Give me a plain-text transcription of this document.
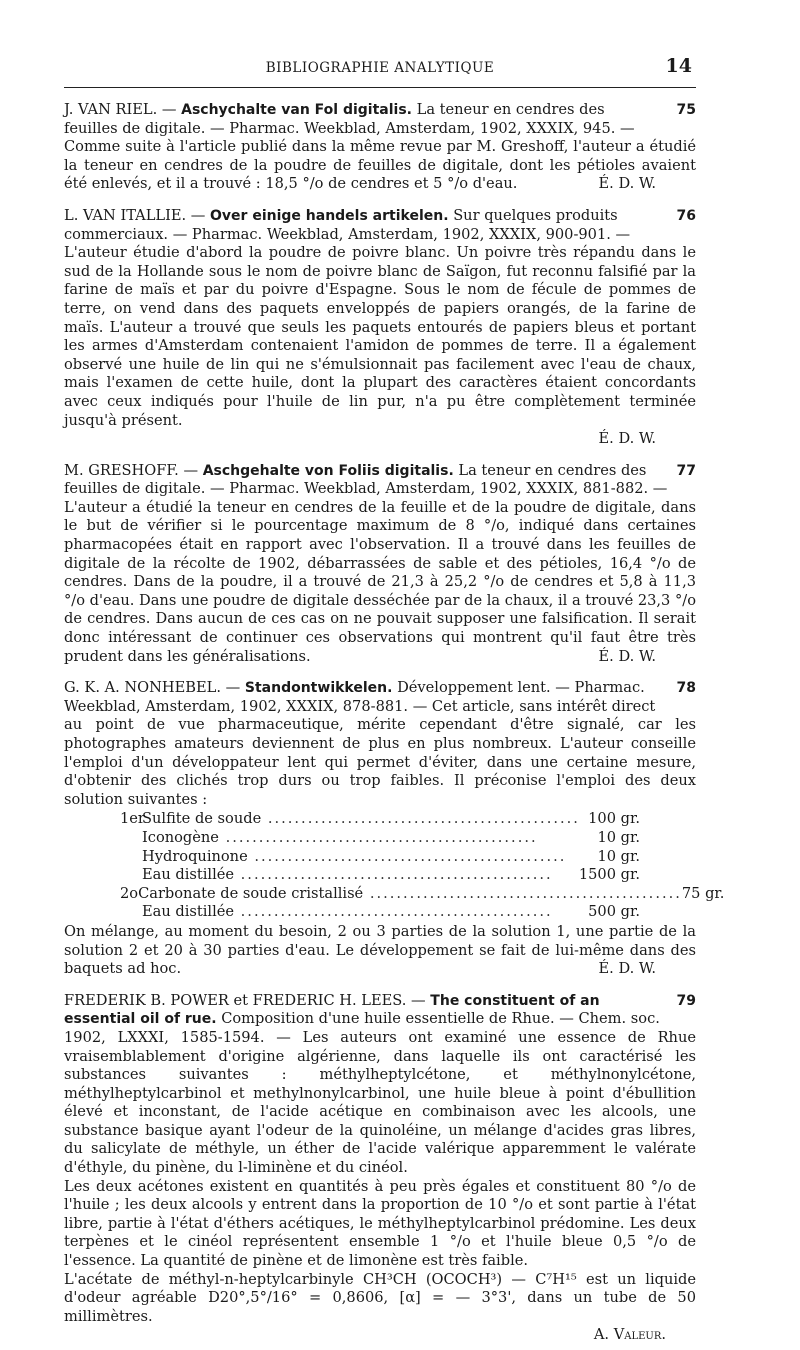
BIBLIOGRAPHIE ANALYTIQUE	14
J. VAN RIEL. — Aschychalte van Fol digitalis. La teneur en cendres des	75

feuilles de digitale. — Pharmac. Weekblad, Amsterdam, 1902, XXXIX, 945. —

Comme suite à l'article publié dans la même revue par M. Greshoff, l'auteur a étudié la teneur en cendres de la poudre de feuilles de digitale, dont les pétioles avaient été enlevés, et il a trouvé : 18,5 °/o de cendres et 5 °/o d'eau.	É. D. W.

L. VAN ITALLIE. — Over einige handels artikelen. Sur quelques produits	76

commerciaux. — Pharmac. Weekblad, Amsterdam, 1902, XXXIX, 900-901. —

L'auteur étudie d'abord la poudre de poivre blanc. Un poivre très répandu dans le sud de la Hollande sous le nom de poivre blanc de Saïgon, fut reconnu falsifié par la farine de maïs et par du poivre d'Espagne. Sous le nom de fécule de pommes de terre, on vend dans des paquets enveloppés de papiers orangés, de la farine de maïs. L'auteur a trouvé que seuls les paquets entourés de papiers bleus et portant les armes d'Amsterdam contenaient l'amidon de pommes de terre. Il a également observé une huile de lin qui ne s'émulsionnait pas facilement avec l'eau de chaux, mais l'examen de cette huile, dont la plupart des caractères étaient concordants avec ceux indiqués pour l'huile de lin pur, n'a pu être complètement terminée jusqu'à présent.

É. D. W.

M. GRESHOFF. — Aschgehalte von Foliis digitalis. La teneur en cendres des 77

feuilles de digitale. — Pharmac. Weekblad, Amsterdam, 1902, XXXIX, 881-882. —

L'auteur a étudié la teneur en cendres de la feuille et de la poudre de digitale, dans le but de vérifier si le pourcentage maximum de 8 °/o, indiqué dans certaines pharmacopées était en rapport avec l'observation. Il a trouvé dans les feuilles de digitale de la récolte de 1902, débarrassées de sable et des pétioles, 16,4 °/o de cendres. Dans de la poudre, il a trouvé de 21,3 à 25,2 °/o de cendres et 5,8 à 11,3 °/o d'eau. Dans une poudre de digitale desséchée par de la chaux, il a trouvé 23,3 °/o de cendres. Dans aucun de ces cas on ne pouvait supposer une falsification. Il serait donc intéressant de continuer ces observations qui montrent qu'il faut être très prudent dans les généralisations.	É. D. W.

G. K. A. NONHEBEL. — Standontwikkelen. Développement lent. — Pharmac. 78

Weekblad, Amsterdam, 1902, XXXIX, 878-881. — Cet article, sans intérêt direct

au point de vue pharmaceutique, mérite cependant d'être signalé, car les photographes amateurs deviennent de plus en plus nombreux. L'auteur conseille l'emploi d'un développateur lent qui permet d'éviter, dans une certaine mesure, d'obtenir des clichés trop durs ou trop faibles. Il préconise l'emploi des deux solution suivantes :

1er
Sulfite de soude ............................................... 100 gr.
Iconogène ...............................................	10 gr.
Hydroquinone ...............................................	10 gr.
Eau distillée ...............................................	1500 gr.
2o Carbonate de soude cristallisé ............................................... 75 gr.
Eau distillée ...............................................	500 gr.

On mélange, au moment du besoin, 2 ou 3 parties de la solution 1, une partie de la solution 2 et 20 à 30 parties d'eau. Le développement se fait de lui-même dans des baquets ad hoc.	É. D. W.

FREDERIK B. POWER et FREDERIC H. LEES. — The constituent of an	79

essential oil of rue. Composition d'une huile essentielle de Rhue. — Chem. soc.

1902, LXXXI, 1585-1594. — Les auteurs ont examiné une essence de Rhue vraisemblablement d'origine algérienne, dans laquelle ils ont caractérisé les substances suivantes : méthylheptylcétone, et méthylnonylcétone, méthylheptylcarbinol et methylnonylcarbinol, une huile bleue à point d'ébullition élevé et inconstant, de l'acide acétique en combinaison avec les alcools, une substance basique ayant l'odeur de la quinoléine, un mélange d'acides gras libres, du salicylate de méthyle, un éther de l'acide valérique apparemment le valérate d'éthyle, du pinène, du l-liminène et du cinéol.

Les deux acétones existent en quantités à peu près égales et constituent 80 °/o de l'huile ; les deux alcools y entrent dans la proportion de 10 °/o et sont partie à l'état libre, partie à l'état d'éthers acétiques, le méthylheptylcarbinol prédomine. Les deux terpènes et le cinéol représentent ensemble 1 °/o et l'huile bleue 0,5 °/o de l'essence. La quantité de pinène et de limonène est très faible.

L'acétate de méthyl-n-heptylcarbinyle CH³CH (OCOCH³) — C⁷H¹⁵ est un liquide d'odeur agréable D20°,5°/16° = 0,8606, [α] = — 3°3', dans un tube de 50 millimètres.

A. Valeur.
